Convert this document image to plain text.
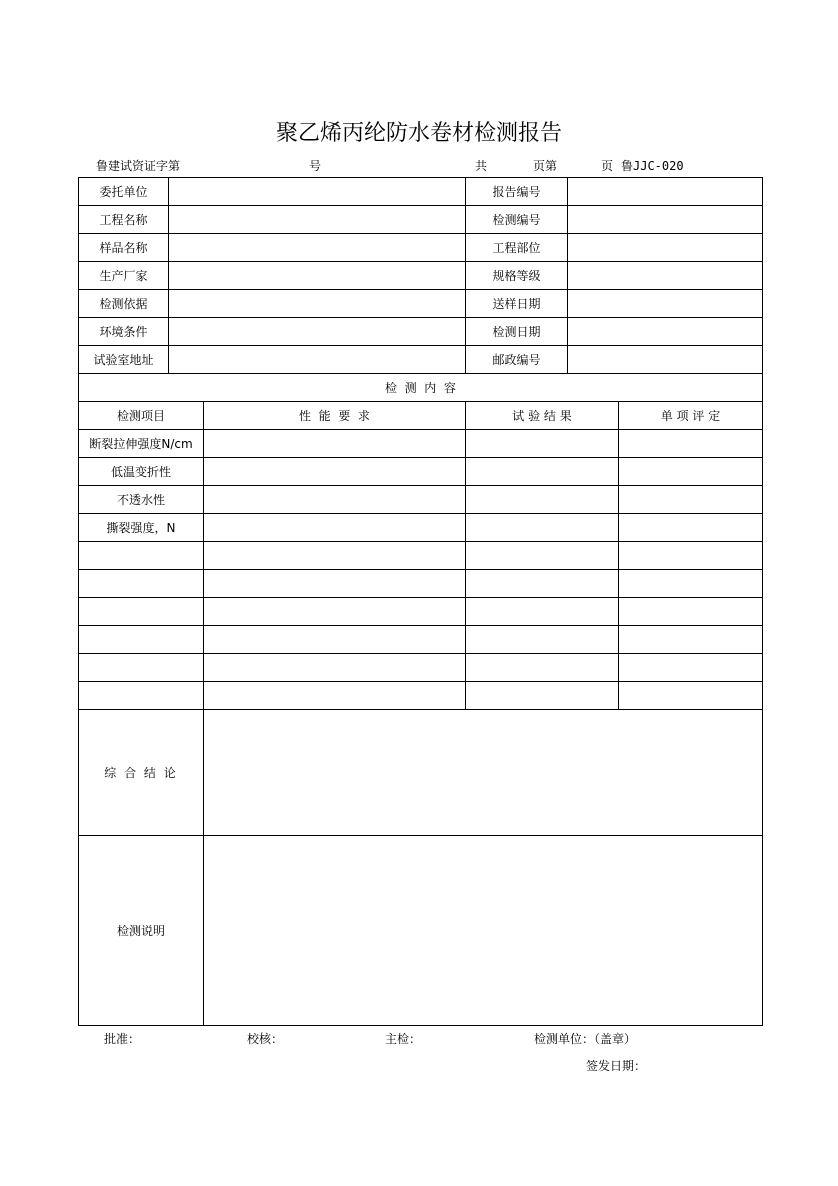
聚乙烯丙纶防水卷材检测报告
鲁建试资证字第	号	共	页第	页 鲁JJC-020
委托单位			报告编号		
工程名称			检测编号		
样品名称			工程部位		
生产厂家			规格等级		
检测依据			送样日期		
环境条件			检测日期		
试验室地址			邮政编号		
检  测  内  容					
检测项目		性  能  要  求	试 验 结 果		单 项 评 定
断裂拉伸强度N/cm					
低温变折性					
不透水性					
撕裂强度，N					

综 合 结 论					
检测说明					
批准：	校核：	主检：	检测单位：（盖章）
签发日期：
